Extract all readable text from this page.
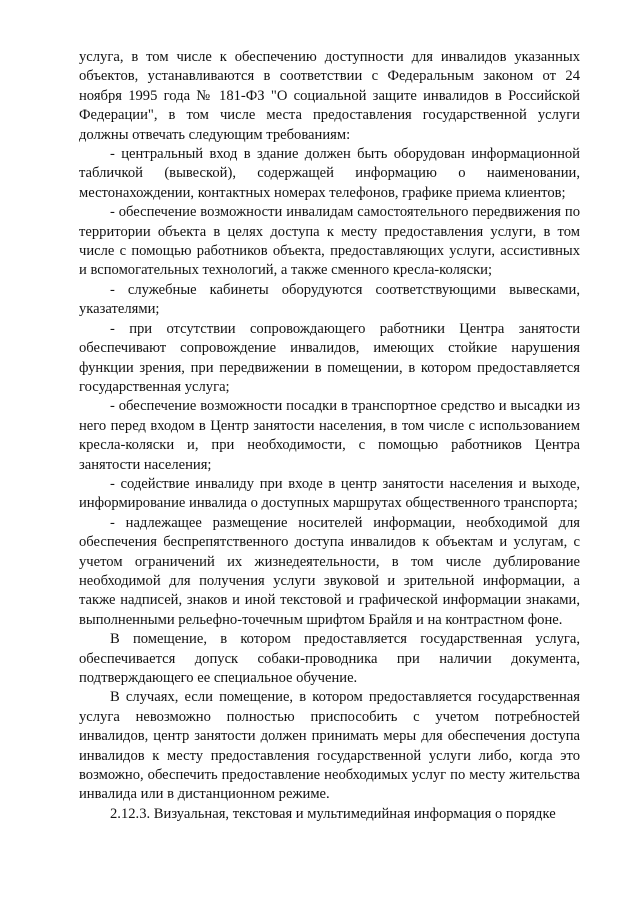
услуга, в том числе к обеспечению доступности для инвалидов указанных объектов, устанавливаются в соответствии с Федеральным законом от 24 ноября 1995 года № 181-ФЗ "О социальной защите инвалидов в Российской Федерации", в том числе места предоставления государственной услуги должны отвечать следующим требованиям:

- центральный вход в здание должен быть оборудован информационной табличкой (вывеской), содержащей информацию о наименовании, местонахождении, контактных номерах телефонов, графике приема клиентов;

- обеспечение возможности инвалидам самостоятельного передвижения по территории объекта в целях доступа к месту предоставления услуги, в том числе с помощью работников объекта, предоставляющих услуги, ассистивных и вспомогательных технологий, а также сменного кресла-коляски;

- служебные кабинеты оборудуются соответствующими вывесками, указателями;

- при отсутствии сопровождающего работники Центра занятости обеспечивают сопровождение инвалидов, имеющих стойкие нарушения функции зрения, при передвижении в помещении, в котором предоставляется государственная услуга;

- обеспечение возможности посадки в транспортное средство и высадки из него перед входом в Центр занятости населения, в том числе с использованием кресла-коляски и, при необходимости, с помощью работников Центра занятости населения;

- содействие инвалиду при входе в центр занятости населения и выходе, информирование инвалида о доступных маршрутах общественного транспорта;

- надлежащее размещение носителей информации, необходимой для обеспечения беспрепятственного доступа инвалидов к объектам и услугам, с учетом ограничений их жизнедеятельности, в том числе дублирование необходимой для получения услуги звуковой и зрительной информации, а также надписей, знаков и иной текстовой и графической информации знаками, выполненными рельефно-точечным шрифтом Брайля и на контрастном фоне.

В помещение, в котором предоставляется государственная услуга, обеспечивается допуск собаки-проводника при наличии документа, подтверждающего ее специальное обучение.

В случаях, если помещение, в котором предоставляется государственная услуга невозможно полностью приспособить с учетом потребностей инвалидов, центр занятости должен принимать меры для обеспечения доступа инвалидов к месту предоставления государственной услуги либо, когда это возможно, обеспечить предоставление необходимых услуг по месту жительства инвалида или в дистанционном режиме.

2.12.3. Визуальная, текстовая и мультимедийная информация о порядке
